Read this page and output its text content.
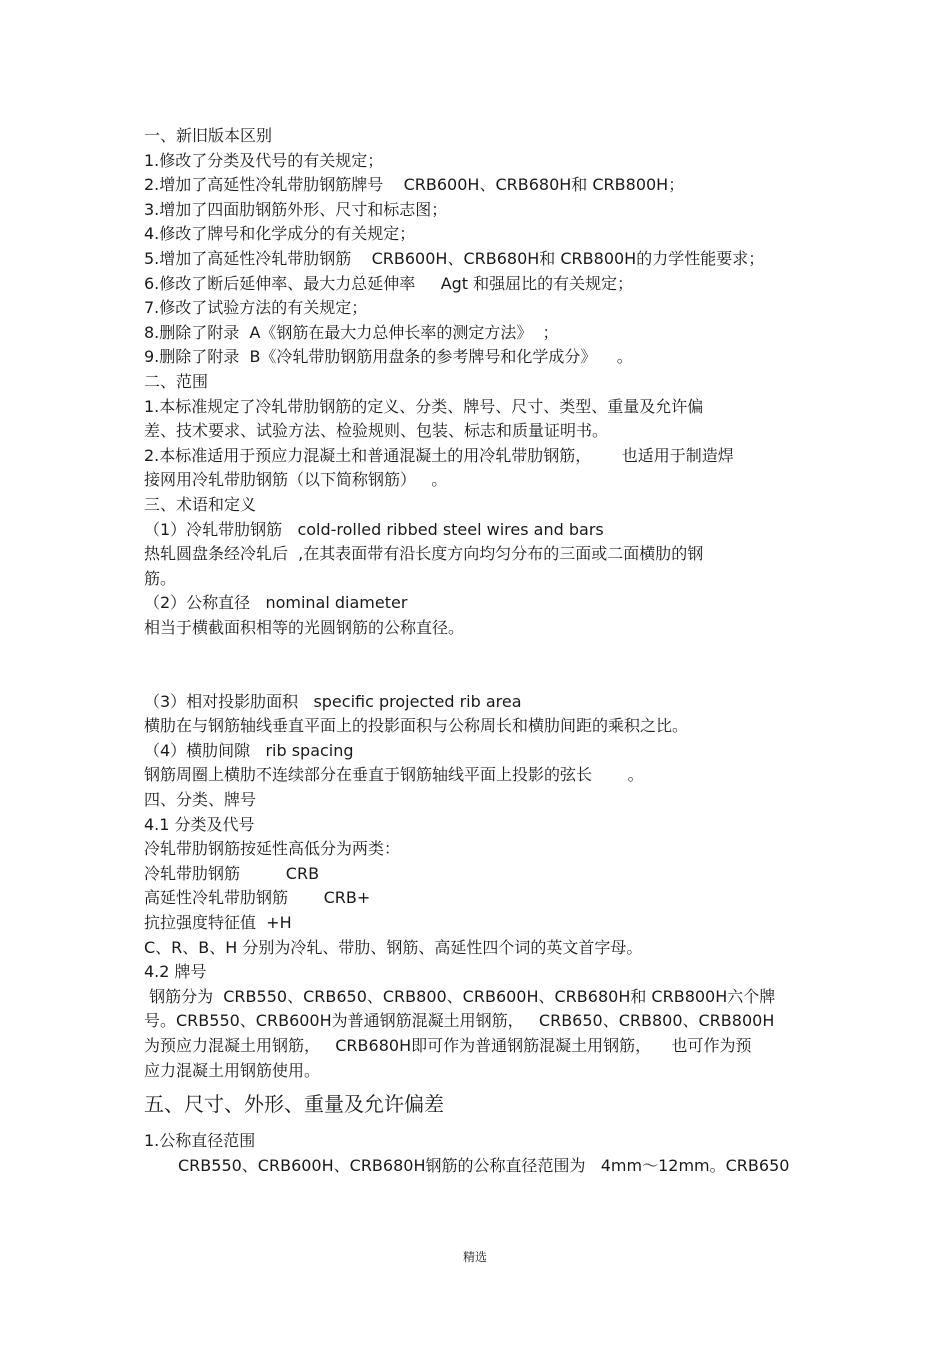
一、新旧版本区别

1.修改了分类及代号的有关规定；

2.增加了高延性冷轧带肋钢筋牌号    CRB600H、CRB680H和 CRB800H；

3.增加了四面肋钢筋外形、尺寸和标志图；

4.修改了牌号和化学成分的有关规定；

5.增加了高延性冷轧带肋钢筋    CRB600H、CRB680H和 CRB800H的力学性能要求；

6.修改了断后延伸率、最大力总延伸率     Agt 和强屈比的有关规定；

7.修改了试验方法的有关规定；

8.删除了附录  A《钢筋在最大力总伸长率的测定方法》  ；

9.删除了附录  B《冷轧带肋钢筋用盘条的参考牌号和化学成分》    。

二、范围

1.本标准规定了冷轧带肋钢筋的定义、分类、牌号、尺寸、类型、重量及允许偏

差、技术要求、试验方法、检验规则、包装、标志和质量证明书。

2.本标准适用于预应力混凝土和普通混凝土的用冷轧带肋钢筋，      也适用于制造焊

接网用冷轧带肋钢筋（以下简称钢筋）   。

三、术语和定义

（1）冷轧带肋钢筋   cold-rolled ribbed steel wires and bars

热轧圆盘条经冷轧后  ,在其表面带有沿长度方向均匀分布的三面或二面横肋的钢

筋。

（2）公称直径   nominal diameter

相当于横截面积相等的光圆钢筋的公称直径。

（3）相对投影肋面积   specific projected rib area

横肋在与钢筋轴线垂直平面上的投影面积与公称周长和横肋间距的乘积之比。

（4）横肋间隙   rib spacing

钢筋周圈上横肋不连续部分在垂直于钢筋轴线平面上投影的弦长       。

四、分类、牌号

4.1 分类及代号

冷轧带肋钢筋按延性高低分为两类：

冷轧带肋钢筋         CRB

高延性冷轧带肋钢筋       CRB+

抗拉强度特征值  +H

C、R、B、H 分别为冷轧、带肋、钢筋、高延性四个词的英文首字母。

4.2 牌号

钢筋分为  CRB550、CRB650、CRB800、CRB600H、CRB680H和 CRB800H六个牌

号。CRB550、CRB600H为普通钢筋混凝土用钢筋，   CRB650、CRB800、CRB800H

为预应力混凝土用钢筋，   CRB680H即可作为普通钢筋混凝土用钢筋，    也可作为预

应力混凝土用钢筋使用。

五、尺寸、外形、重量及允许偏差

1.公称直径范围

CRB550、CRB600H、CRB680H钢筋的公称直径范围为   4mm～12mm。CRB650

精选
